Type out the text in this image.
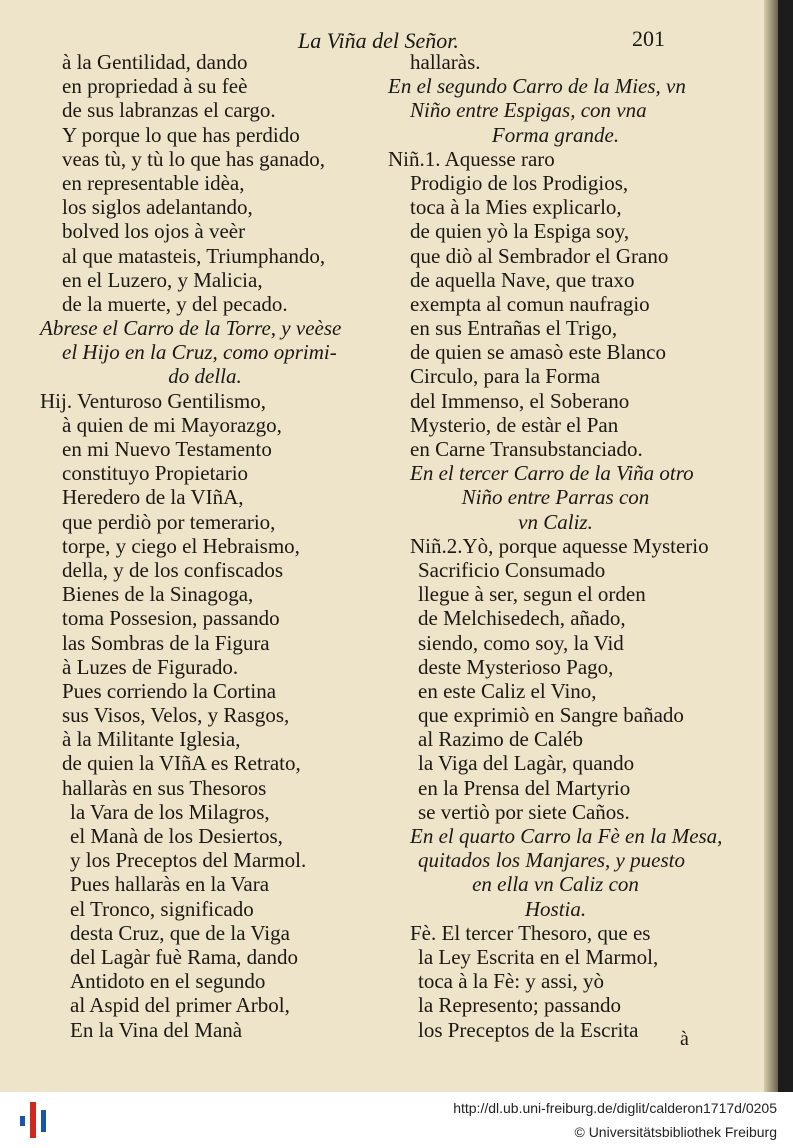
La Viña del Señor.	201
à la Gentilidad, dando
en propriedad à su feè
de sus labranzas el cargo.
Y porque lo que has perdido
veas tù, y tù lo que has ganado,
en representable idèa,
los siglos adelantando,
bolved los ojos à veèr
al que matasteis, Triumphando,
en el Luzero, y Malicia,
de la muerte, y del pecado.
Abrese el Carro de la Torre, y veèse
el Hijo en la Cruz, como oprimi-
do della.
Hij. Venturoso Gentilismo,
à quien de mi Mayorazgo,
en mi Nuevo Testamento
constituyo Propietario
Heredero de la VIñA,
que perdiò por temerario,
torpe, y ciego el Hebraismo,
della, y de los confiscados
Bienes de la Sinagoga,
toma Possesion, passando
las Sombras de la Figura
à Luzes de Figurado.
Pues corriendo la Cortina
sus Visos, Velos, y Rasgos,
à la Militante Iglesia,
de quien la VIñA es Retrato,
hallaràs en sus Thesoros
la Vara de los Milagros,
el Manà de los Desiertos,
y los Preceptos del Marmol.
Pues hallaràs en la Vara
el Tronco, significado
desta Cruz, que de la Viga
del Lagàr fuè Rama, dando
Antidoto en el segundo
al Aspid del primer Arbol,
En la Vina del Manà
hallaràs.
En el segundo Carro de la Mies, vn
Niño entre Espigas, con vna
Forma grande.
Niñ.1. Aquesse raro
Prodigio de los Prodigios,
toca à la Mies explicarlo,
de quien yò la Espiga soy,
que diò al Sembrador el Grano
de aquella Nave, que traxo
exempta al comun naufragio
en sus Entrañas el Trigo,
de quien se amasò este Blanco
Circulo, para la Forma
del Immenso, el Soberano
Mysterio, de estàr el Pan
en Carne Transubstanciado.
En el tercer Carro de la Viña otro
Niño entre Parras con
vn Caliz.
Niñ.2.Yò, porque aquesse Mysterio
Sacrificio Consumado
llegue à ser, segun el orden
de Melchisedech, añado,
siendo, como soy, la Vid
deste Mysterioso Pago,
en este Caliz el Vino,
que exprimiò en Sangre bañado
al Razimo de Caléb
la Viga del Lagàr, quando
en la Prensa del Martyrio
se vertiò por siete Caños.
En el quarto Carro la Fè en la Mesa,
quitados los Manjares, y puesto
en ella vn Caliz con
Hostia.
Fè. El tercer Thesoro, que es
la Ley Escrita en el Marmol,
toca à la Fè: y assi, yò
la Represento; passando
los Preceptos de la Escrita	à
http://dl.ub.uni-freiburg.de/diglit/calderon1717d/0205
© Universitätsbibliothek Freiburg
